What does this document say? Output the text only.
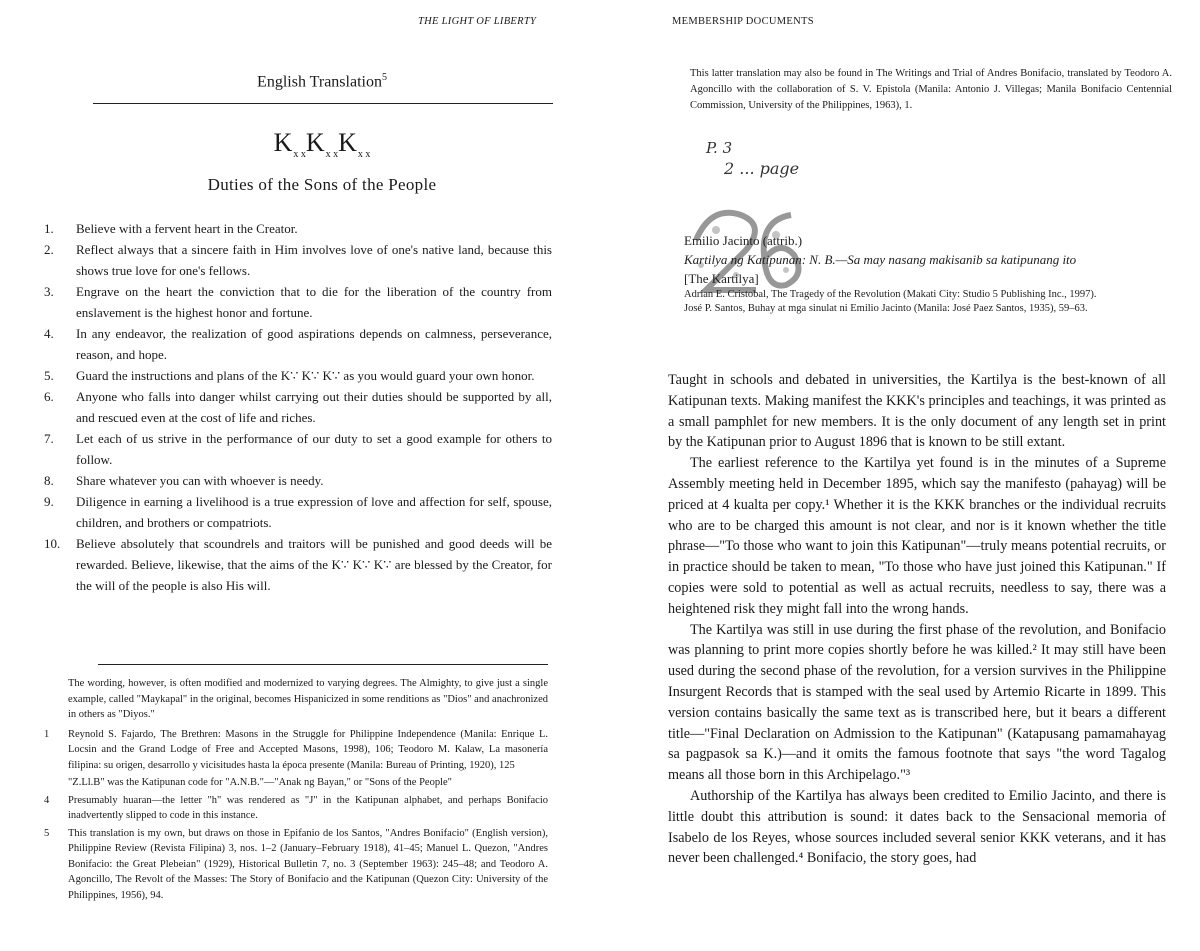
THE LIGHT OF LIBERTY
English Translation$^5$
$K_{x x}K_{x x}K_{x x}$
Duties of the Sons of the People
1.	Believe with a fervent heart in the Creator.
2.	Reflect always that a sincere faith in Him involves love of one's native land, because this shows true love for one's fellows.
3.	Engrave on the heart the conviction that to die for the liberation of the country from enslavement is the highest honor and fortune.
4.	In any endeavor, the realization of good aspirations depends on calmness, perseverance, reason, and hope.
5.	Guard the instructions and plans of the K∵ K∵ K∵ as you would guard your own honor.
6.	Anyone who falls into danger whilst carrying out their duties should be supported by all, and rescued even at the cost of life and riches.
7.	Let each of us strive in the performance of our duty to set a good example for others to follow.
8.	Share whatever you can with whoever is needy.
9.	Diligence in earning a livelihood is a true expression of love and affection for self, spouse, children, and brothers or compatriots.
10.	Believe absolutely that scoundrels and traitors will be punished and good deeds will be rewarded. Believe, likewise, that the aims of the K∵ K∵ K∵ are blessed by the Creator, for the will of the people is also His will.
The wording, however, is often modified and modernized to varying degrees. The Almighty, to give just a single example, called "Maykapal" in the original, becomes Hispanicized in some renditions as "Dios" and anachronized in others as "Diyos."
1 Reynold S. Fajardo, The Brethren: Masons in the Struggle for Philippine Independence (Manila: Enrique L. Locsin and the Grand Lodge of Free and Accepted Masons, 1998), 106; Teodoro M. Kalaw, La masonería filipina: su origen, desarrollo y vicisitudes hasta la época presente (Manila: Bureau of Printing, 1920), 125
"Z.Ll.B" was the Katipunan code for "A.N.B."—"Anak ng Bayan," or "Sons of the People"
4 Presumably huaran—the letter "h" was rendered as "J" in the Katipunan alphabet, and perhaps Bonifacio inadvertently slipped to code in this instance.
5 This translation is my own, but draws on those in Epifanio de los Santos, "Andres Bonifacio" (English version), Philippine Review (Revista Filipina) 3, nos. 1–2 (January–February 1918), 41–45; Manuel L. Quezon, "Andres Bonifacio: the Great Plebeian" (1929), Historical Bulletin 7, no. 3 (September 1963): 245–48; and Teodoro A. Agoncillo, The Revolt of the Masses: The Story of Bonifacio and the Katipunan (Quezon City: University of the Philippines, 1956), 94.
MEMBERSHIP DOCUMENTS
This latter translation may also be found in The Writings and Trial of Andres Bonifacio, translated by Teodoro A. Agoncillo with the collaboration of S. V. Epistola (Manila: Antonio J. Villegas; Manila Bonifacio Centennial Commission, University of the Philippines, 1963), 1.
P. 3
2 ... page
Emilio Jacinto (attrib.)
Kartilya ng Katipunan: N. B.—Sa may nasang makisanib sa katipunang ito
[The Kartilya]
Adrian E. Cristobal, The Tragedy of the Revolution (Makati City: Studio 5 Publishing Inc., 1997).
José P. Santos, Buhay at mga sinulat ni Emilio Jacinto (Manila: José Paez Santos, 1935), 59–63.

Taught in schools and debated in universities, the Kartilya is the best-known of all Katipunan texts. Making manifest the KKK's principles and teachings, it was printed as a small pamphlet for new members. It is the only document of any length set in print by the Katipunan prior to August 1896 that is known to be still extant.

The earliest reference to the Kartilya yet found is in the minutes of a Supreme Assembly meeting held in December 1895, which say the manifesto (pahayag) will be priced at 4 kualta per copy.¹ Whether it is the KKK branches or the individual recruits who are to be charged this amount is not clear, and nor is it known whether the title phrase—"To those who want to join this Katipunan"—truly means potential recruits, or in practice should be taken to mean, "To those who have just joined this Katipunan." If copies were sold to potential as well as actual recruits, needless to say, there was a heightened risk they might fall into the wrong hands.

The Kartilya was still in use during the first phase of the revolution, and Bonifacio was planning to print more copies shortly before he was killed.² It may still have been used during the second phase of the revolution, for a version survives in the Philippine Insurgent Records that is stamped with the seal used by Artemio Ricarte in 1899. This version contains basically the same text as is transcribed here, but it bears a different title—"Final Declaration on Admission to the Katipunan" (Katapusang pamamahayag sa pagpasok sa K.)—and it omits the famous footnote that says "the word Tagalog means all those born in this Archipelago."³

Authorship of the Kartilya has always been credited to Emilio Jacinto, and there is little doubt this attribution is sound: it dates back to the Sensacional memoria of Isabelo de los Reyes, whose sources included several senior KKK veterans, and it has never been challenged.⁴ Bonifacio, the story goes, had
